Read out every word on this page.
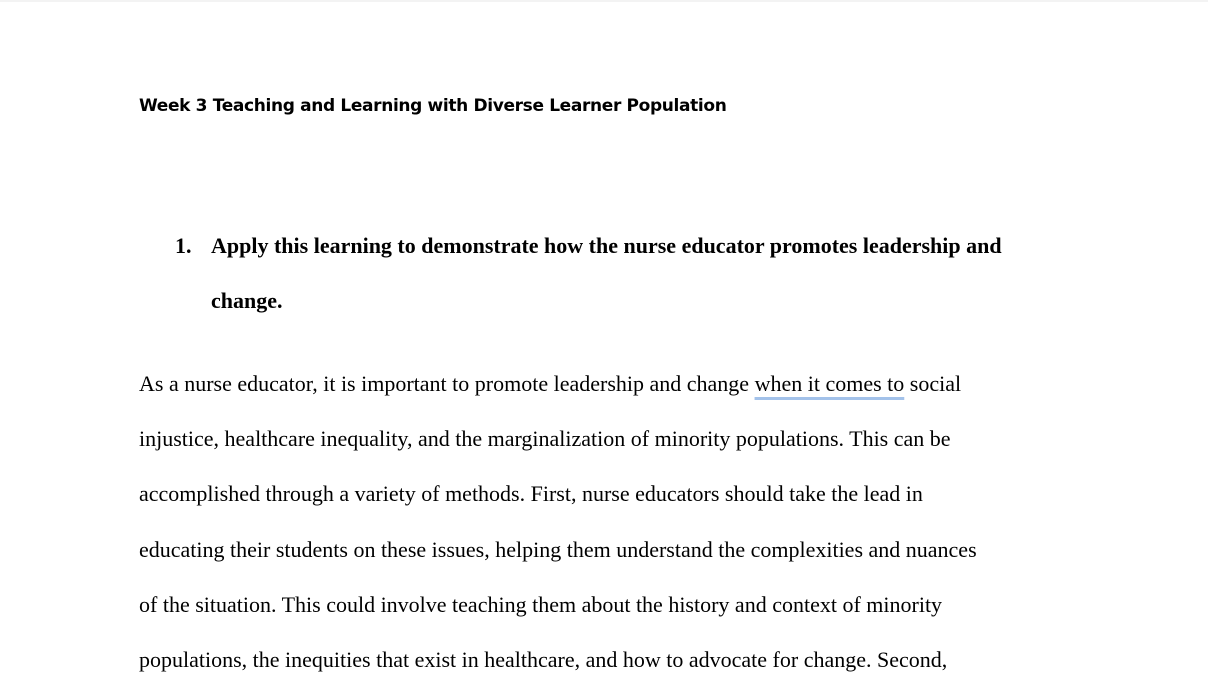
Week 3 Teaching and Learning with Diverse Learner Population
1. Apply this learning to demonstrate how the nurse educator promotes leadership and
change.
As a nurse educator, it is important to promote leadership and change when it comes to social
injustice, healthcare inequality, and the marginalization of minority populations. This can be
accomplished through a variety of methods. First, nurse educators should take the lead in
educating their students on these issues, helping them understand the complexities and nuances
of the situation. This could involve teaching them about the history and context of minority
populations, the inequities that exist in healthcare, and how to advocate for change. Second,
